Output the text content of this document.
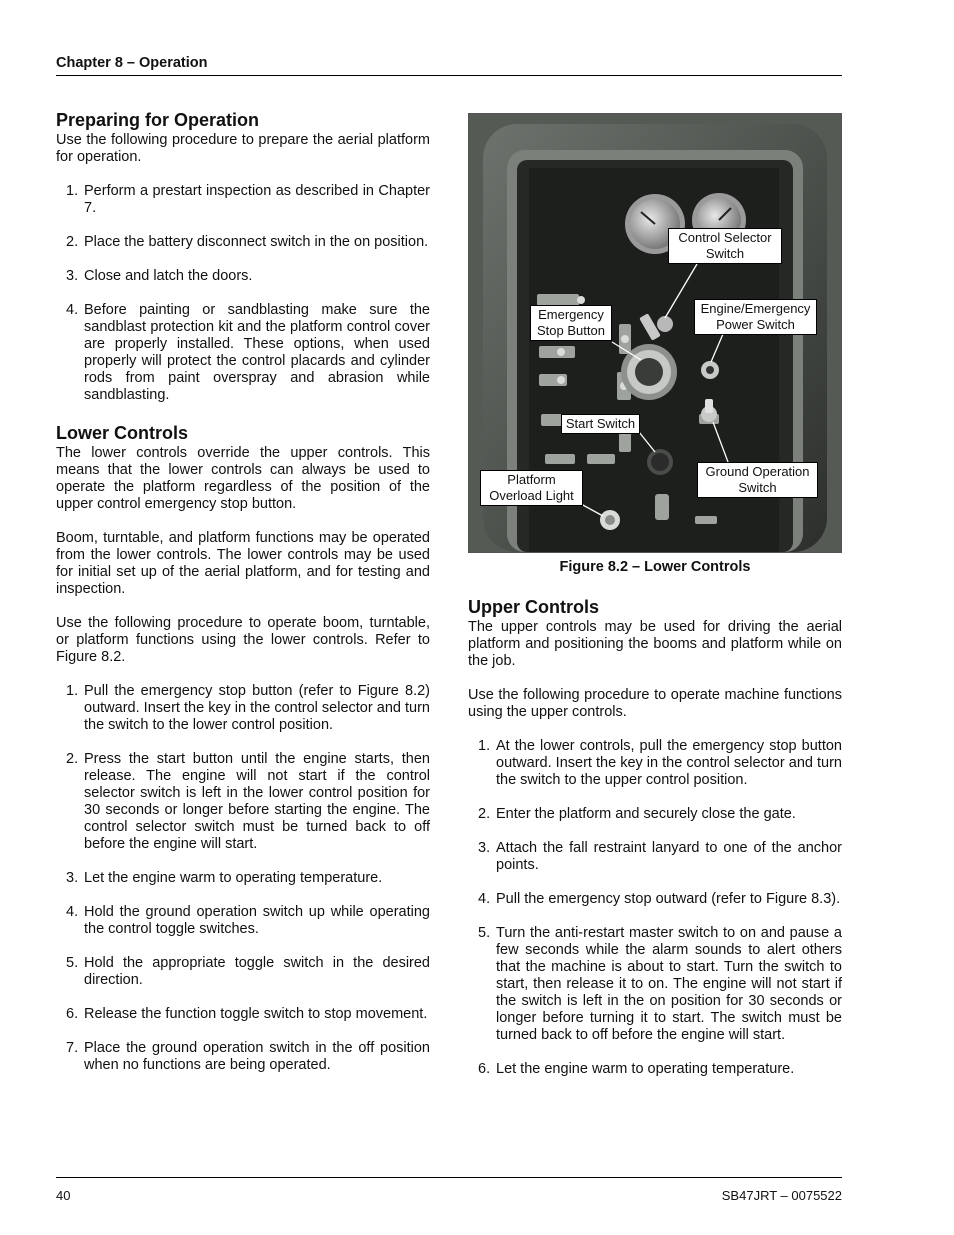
Chapter 8 – Operation
Preparing for Operation

Use the following procedure to prepare the aerial platform for operation.

1. Perform a prestart inspection as described in Chapter 7.
2. Place the battery disconnect switch in the on position.
3. Close and latch the doors.
4. Before painting or sandblasting make sure the sandblast protection kit and the platform control cover are properly installed. These options, when used properly will protect the control placards and cylinder rods from paint overspray and abrasion while sandblasting.
Lower Controls

The lower controls override the upper controls. This means that the lower controls can always be used to operate the platform regardless of the position of the upper control emergency stop button.

Boom, turntable, and platform functions may be operated from the lower controls. The lower controls may be used for initial set up of the aerial platform, and for testing and inspection.

Use the following procedure to operate boom, turntable, or platform functions using the lower controls. Refer to Figure 8.2.

1. Pull the emergency stop button (refer to Figure 8.2) outward. Insert the key in the control selector and turn the switch to the lower control position.
2. Press the start button until the engine starts, then release. The engine will not start if the control selector switch is left in the lower control position for 30 seconds or longer before starting the engine. The control selector switch must be turned back to off before the engine will start.
3. Let the engine warm to operating temperature.
4. Hold the ground operation switch up while operating the control toggle switches.
5. Hold the appropriate toggle switch in the desired direction.
6. Release the function toggle switch to stop movement.
7. Place the ground operation switch in the off position when no functions are being operated.
Control Selector
Switch
Engine/Emergency
Power Switch
Emergency
Stop Button
Start Switch
Ground Operation
Switch
Platform
Overload Light
Figure 8.2 – Lower Controls
Upper Controls

The upper controls may be used for driving the aerial platform and positioning the booms and platform while on the job.

Use the following procedure to operate machine functions using the upper controls.

1. At the lower controls, pull the emergency stop button outward. Insert the key in the control selector and turn the switch to the upper control position.
2. Enter the platform and securely close the gate.
3. Attach the fall restraint lanyard to one of the anchor points.
4. Pull the emergency stop outward (refer to Figure 8.3).
5. Turn the anti-restart master switch to on and pause a few seconds while the alarm sounds to alert others that the machine is about to start. Turn the switch to start, then release it to on. The engine will not start if the switch is left in the on position for 30 seconds or longer before turning it to start. The switch must be turned back to off before the engine will start.
6. Let the engine warm to operating temperature.
40	SB47JRT – 0075522
